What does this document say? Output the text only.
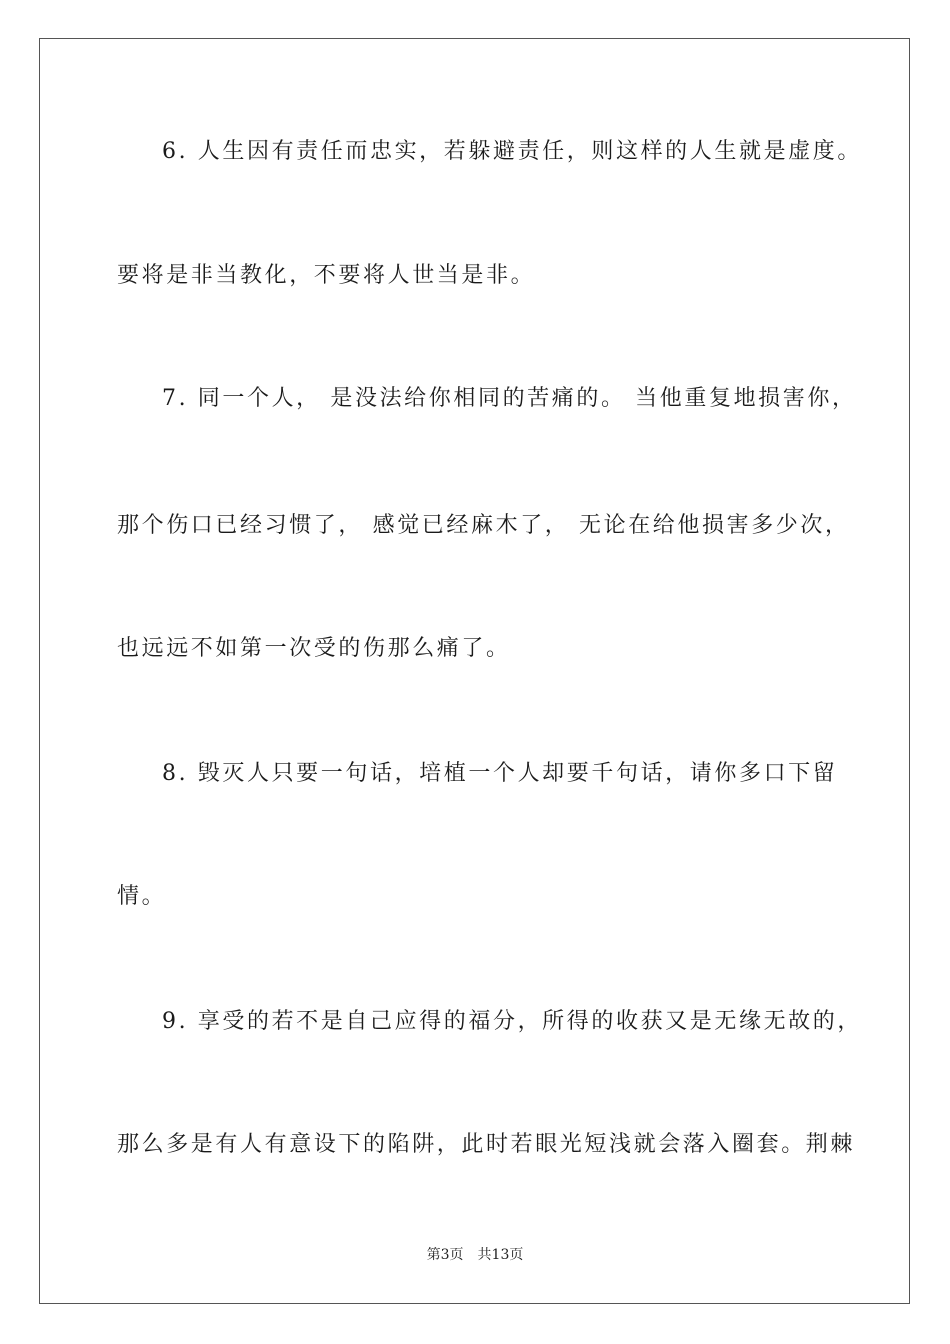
6. 人生因有责任而忠实，若躲避责任，则这样的人生就是虚度。
要将是非当教化，不要将人世当是非。
7. 同一个人， 是没法给你相同的苦痛的。 当他重复地损害你，
那个伤口已经习惯了， 感觉已经麻木了， 无论在给他损害多少次，
也远远不如第一次受的伤那么痛了。
8. 毁灭人只要一句话，培植一个人却要千句话，请你多口下留
情。
9. 享受的若不是自己应得的福分，所得的收获又是无缘无故的，
那么多是有人有意设下的陷阱，此时若眼光短浅就会落入圈套。荆棘
第3页 共13页
